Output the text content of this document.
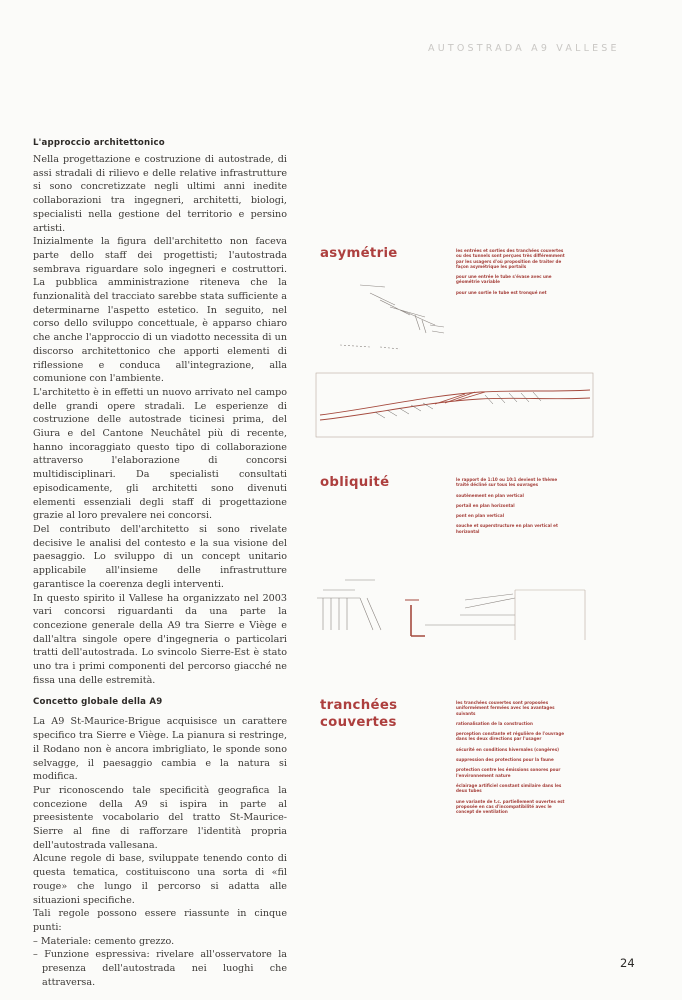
AUTOSTRADA A9 VALLESE
L'approccio architettonico

Nella progettazione e costruzione di autostrade, di assi stradali di rilievo e delle relative infrastrutture si sono concretizzate negli ultimi anni inedite collaborazioni tra ingegneri, architetti, biologi, specialisti nella gestione del territorio e persino artisti.

Inizialmente la figura dell'architetto non faceva parte dello staff dei progettisti; l'autostrada sembrava riguardare solo ingegneri e costruttori. La pubblica amministrazione riteneva che la funzionalità del tracciato sarebbe stata sufficiente a determinarne l'aspetto estetico. In seguito, nel corso dello sviluppo concettuale, è apparso chiaro che anche l'approccio di un viadotto necessita di un discorso architettonico che apporti elementi di riflessione e conduca all'integrazione, alla comunione con l'ambiente.

L'architetto è in effetti un nuovo arrivato nel campo delle grandi opere stradali. Le esperienze di costruzione delle autostrade ticinesi prima, del Giura e del Cantone Neuchâtel più di recente, hanno incoraggiato questo tipo di collaborazione attraverso l'elaborazione di concorsi multidisciplinari. Da specialisti consultati episodicamente, gli architetti sono divenuti elementi essenziali degli staff di progettazione grazie al loro prevalere nei concorsi.

Del contributo dell'architetto si sono rivelate decisive le analisi del contesto e la sua visione del paesaggio. Lo sviluppo di un concept unitario applicabile all'insieme delle infrastrutture garantisce la coerenza degli interventi.

In questo spirito il Vallese ha organizzato nel 2003 vari concorsi riguardanti da una parte la concezione generale della A9 tra Sierre e Viège e dall'altra singole opere d'ingegneria o particolari tratti dell'autostrada. Lo svincolo Sierre-Est è stato uno tra i primi componenti del percorso giacché ne fissa una delle estremità.

Concetto globale della A9

La A9 St-Maurice-Brigue acquisisce un carattere specifico tra Sierre e Viège. La pianura si restringe, il Rodano non è ancora imbrigliato, le sponde sono selvagge, il paesaggio cambia e la natura si modifica.

Pur riconoscendo tale specificità geografica la concezione della A9 si ispira in parte al preesistente vocabolario del tratto St-Maurice-Sierre al fine di rafforzare l'identità propria dell'autostrada vallesana.

Alcune regole di base, sviluppate tenendo conto di questa tematica, costituiscono una sorta di «fil rouge» che lungo il percorso si adatta alle situazioni specifiche.

Tali regole possono essere riassunte in cinque punti:

– Materiale: cemento grezzo.

– Funzione espressiva: rivelare all'osservatore la presenza dell'autostrada nei luoghi che attraversa.

asymétrie	les entrées et sorties des tranchées couvertes ou des tunnels sont perçues très différemment par les usagers d'où proposition de traiter de façon asymétrique les portails
pour une entrée le tube s'évase avec une géométrie variable
pour une sortie le tube est tronqué net
obliquité	le rapport de 1:10 ou 10:1 devient le thème traité décliné sur tous les ouvrages
soutènement en plan vertical
portail en plan horizontal
pont en plan vertical
souche et superstructure en plan vertical et horizontal
tranchées
couvertes
les tranchées couvertes sont proposées uniformément fermées avec les avantages suivants
rationalisation de la construction
perception constante et régulière de l'ouvrage dans les deux directions par l'usager
sécurité en conditions hivernales (congères)
suppression des protections pour la faune
protection contre les émissions sonores pour l'environnement nature
éclairage artificiel constant similaire dans les deux tubes
une variante de t.c. partiellement ouvertes est proposée en cas d'incompatibilité avec le concept de ventilation
24
